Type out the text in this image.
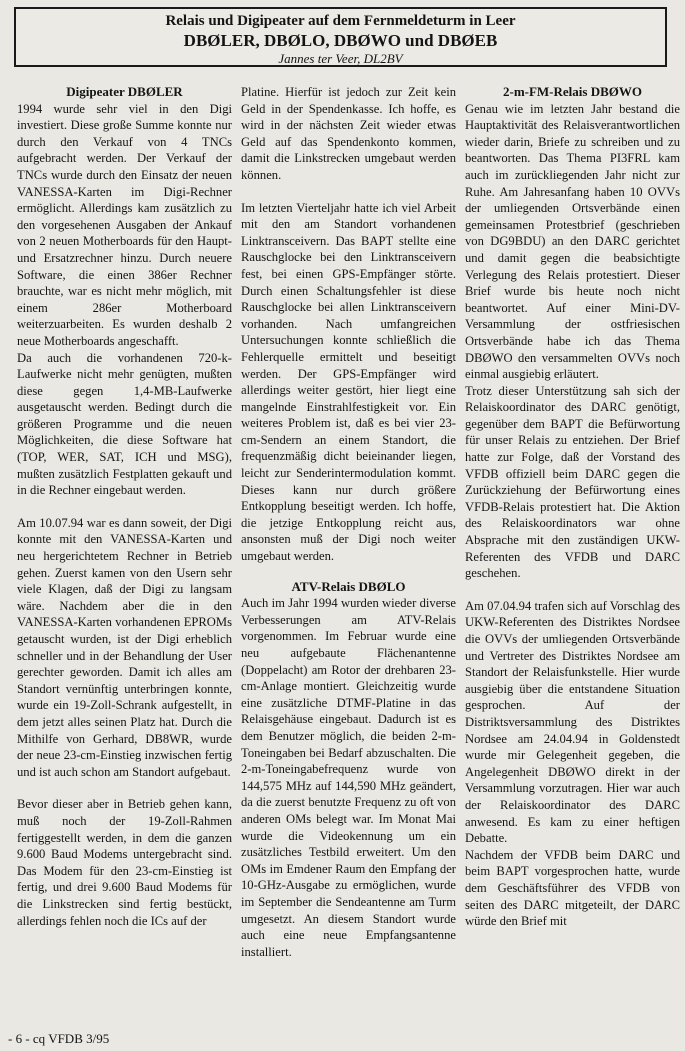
Relais und Digipeater auf dem Fernmeldeturm in Leer
DBØLER, DBØLO, DBØWO und DBØEB
Jannes ter Veer, DL2BV
Digipeater DBØLER

1994 wurde sehr viel in den Digi investiert. Diese große Summe konnte nur durch den Verkauf von 4 TNCs aufgebracht werden. Der Verkauf der TNCs wurde durch den Einsatz der neuen VANESSA-Karten im Digi-Rechner ermöglicht. Allerdings kam zusätzlich zu den vorgesehenen Ausgaben der Ankauf von 2 neuen Motherboards für den Haupt- und Ersatzrechner hinzu. Durch neuere Software, die einen 386er Rechner brauchte, war es nicht mehr möglich, mit einem 286er Motherboard weiterzuarbeiten. Es wurden deshalb 2 neue Motherboards angeschafft.

Da auch die vorhandenen 720-k-Laufwerke nicht mehr genügten, mußten diese gegen 1,4-MB-Laufwerke ausgetauscht werden. Bedingt durch die größeren Programme und die neuen Möglichkeiten, die diese Software hat (TOP, WER, SAT, ICH und MSG), mußten zusätzlich Festplatten gekauft und in die Rechner eingebaut werden.

Am 10.07.94 war es dann soweit, der Digi konnte mit den VANESSA-Karten und neu hergerichtetem Rechner in Betrieb gehen. Zuerst kamen von den Usern sehr viele Klagen, daß der Digi zu langsam wäre. Nachdem aber die in den VANESSA-Karten vorhandenen EPROMs getauscht wurden, ist der Digi erheblich schneller und in der Behandlung der User gerechter geworden. Damit ich alles am Standort vernünftig unterbringen konnte, wurde ein 19-Zoll-Schrank aufgestellt, in dem jetzt alles seinen Platz hat. Durch die Mithilfe von Gerhard, DB8WR, wurde der neue 23-cm-Einstieg inzwischen fertig und ist auch schon am Standort aufgebaut.

Bevor dieser aber in Betrieb gehen kann, muß noch der 19-Zoll-Rahmen fertiggestellt werden, in dem die ganzen 9.600 Baud Modems untergebracht sind. Das Modem für den 23-cm-Einstieg ist fertig, und drei 9.600 Baud Modems für die Linkstrecken sind fertig bestückt, allerdings fehlen noch die ICs auf der

Platine. Hierfür ist jedoch zur Zeit kein Geld in der Spendenkasse. Ich hoffe, es wird in der nächsten Zeit wieder etwas Geld auf das Spendenkonto kommen, damit die Linkstrecken umgebaut werden können.

Im letzten Vierteljahr hatte ich viel Arbeit mit den am Standort vorhandenen Linktransceivern. Das BAPT stellte eine Rauschglocke bei den Linktransceivern fest, bei einen GPS-Empfänger störte. Durch einen Schaltungsfehler ist diese Rauschglocke bei allen Linktransceivern vorhanden. Nach umfangreichen Untersuchungen konnte schließlich die Fehlerquelle ermittelt und beseitigt werden. Der GPS-Empfänger wird allerdings weiter gestört, hier liegt eine mangelnde Einstrahlfestigkeit vor. Ein weiteres Problem ist, daß es bei vier 23-cm-Sendern an einem Standort, die frequenzmäßig dicht beieinander liegen, leicht zur Senderintermodulation kommt. Dieses kann nur durch größere Entkopplung beseitigt werden. Ich hoffe, die jetzige Entkopplung reicht aus, ansonsten muß der Digi noch weiter umgebaut werden.

ATV-Relais DBØLO

Auch im Jahr 1994 wurden wieder diverse Verbesserungen am ATV-Relais vorgenommen. Im Februar wurde eine neu aufgebaute Flächenantenne (Doppelacht) am Rotor der drehbaren 23-cm-Anlage montiert. Gleichzeitig wurde eine zusätzliche DTMF-Platine in das Relaisgehäuse eingebaut. Dadurch ist es dem Benutzer möglich, die beiden 2-m-Toneingaben bei Bedarf abzuschalten. Die 2-m-Toneingabefrequenz wurde von 144,575 MHz auf 144,590 MHz geändert, da die zuerst benutzte Frequenz zu oft von anderen OMs belegt war. Im Monat Mai wurde die Videokennung um ein zusätzliches Testbild erweitert. Um den OMs im Emdener Raum den Empfang der 10-GHz-Ausgabe zu ermöglichen, wurde im September die Sendeantenne am Turm umgesetzt. An diesem Standort wurde auch eine neue Empfangsantenne installiert.

2-m-FM-Relais DBØWO

Genau wie im letzten Jahr bestand die Hauptaktivität des Relaisverantwortlichen wieder darin, Briefe zu schreiben und zu beantworten. Das Thema PI3FRL kam auch im zurückliegenden Jahr nicht zur Ruhe. Am Jahresanfang haben 10 OVVs der umliegenden Ortsverbände einen gemeinsamen Protestbrief (geschrieben von DG9BDU) an den DARC gerichtet und damit gegen die beabsichtigte Verlegung des Relais protestiert. Dieser Brief wurde bis heute noch nicht beantwortet. Auf einer Mini-DV-Versammlung der ostfriesischen Ortsverbände habe ich das Thema DBØWO den versammelten OVVs noch einmal ausgiebig erläutert.

Trotz dieser Unterstützung sah sich der Relaiskoordinator des DARC genötigt, gegenüber dem BAPT die Befürwortung für unser Relais zu entziehen. Der Brief hatte zur Folge, daß der Vorstand des VFDB offiziell beim DARC gegen die Zurückziehung der Befürwortung eines VFDB-Relais protestiert hat. Die Aktion des Relaiskoordinators war ohne Absprache mit den zuständigen UKW-Referenten des VFDB und DARC geschehen.

Am 07.04.94 trafen sich auf Vorschlag des UKW-Referenten des Distriktes Nordsee die OVVs der umliegenden Ortsverbände und Vertreter des Distriktes Nordsee am Standort der Relaisfunkstelle. Hier wurde ausgiebig über die entstandene Situation gesprochen. Auf der Distriktsversammlung des Distriktes Nordsee am 24.04.94 in Goldenstedt wurde mir Gelegenheit gegeben, die Angelegenheit DBØWO direkt in der Versammlung vorzutragen. Hier war auch der Relaiskoordinator des DARC anwesend. Es kam zu einer heftigen Debatte.

Nachdem der VFDB beim DARC und beim BAPT vorgesprochen hatte, wurde dem Geschäftsführer des VFDB von seiten des DARC mitgeteilt, der DARC würde den Brief mit

- 6 - cq VFDB 3/95
